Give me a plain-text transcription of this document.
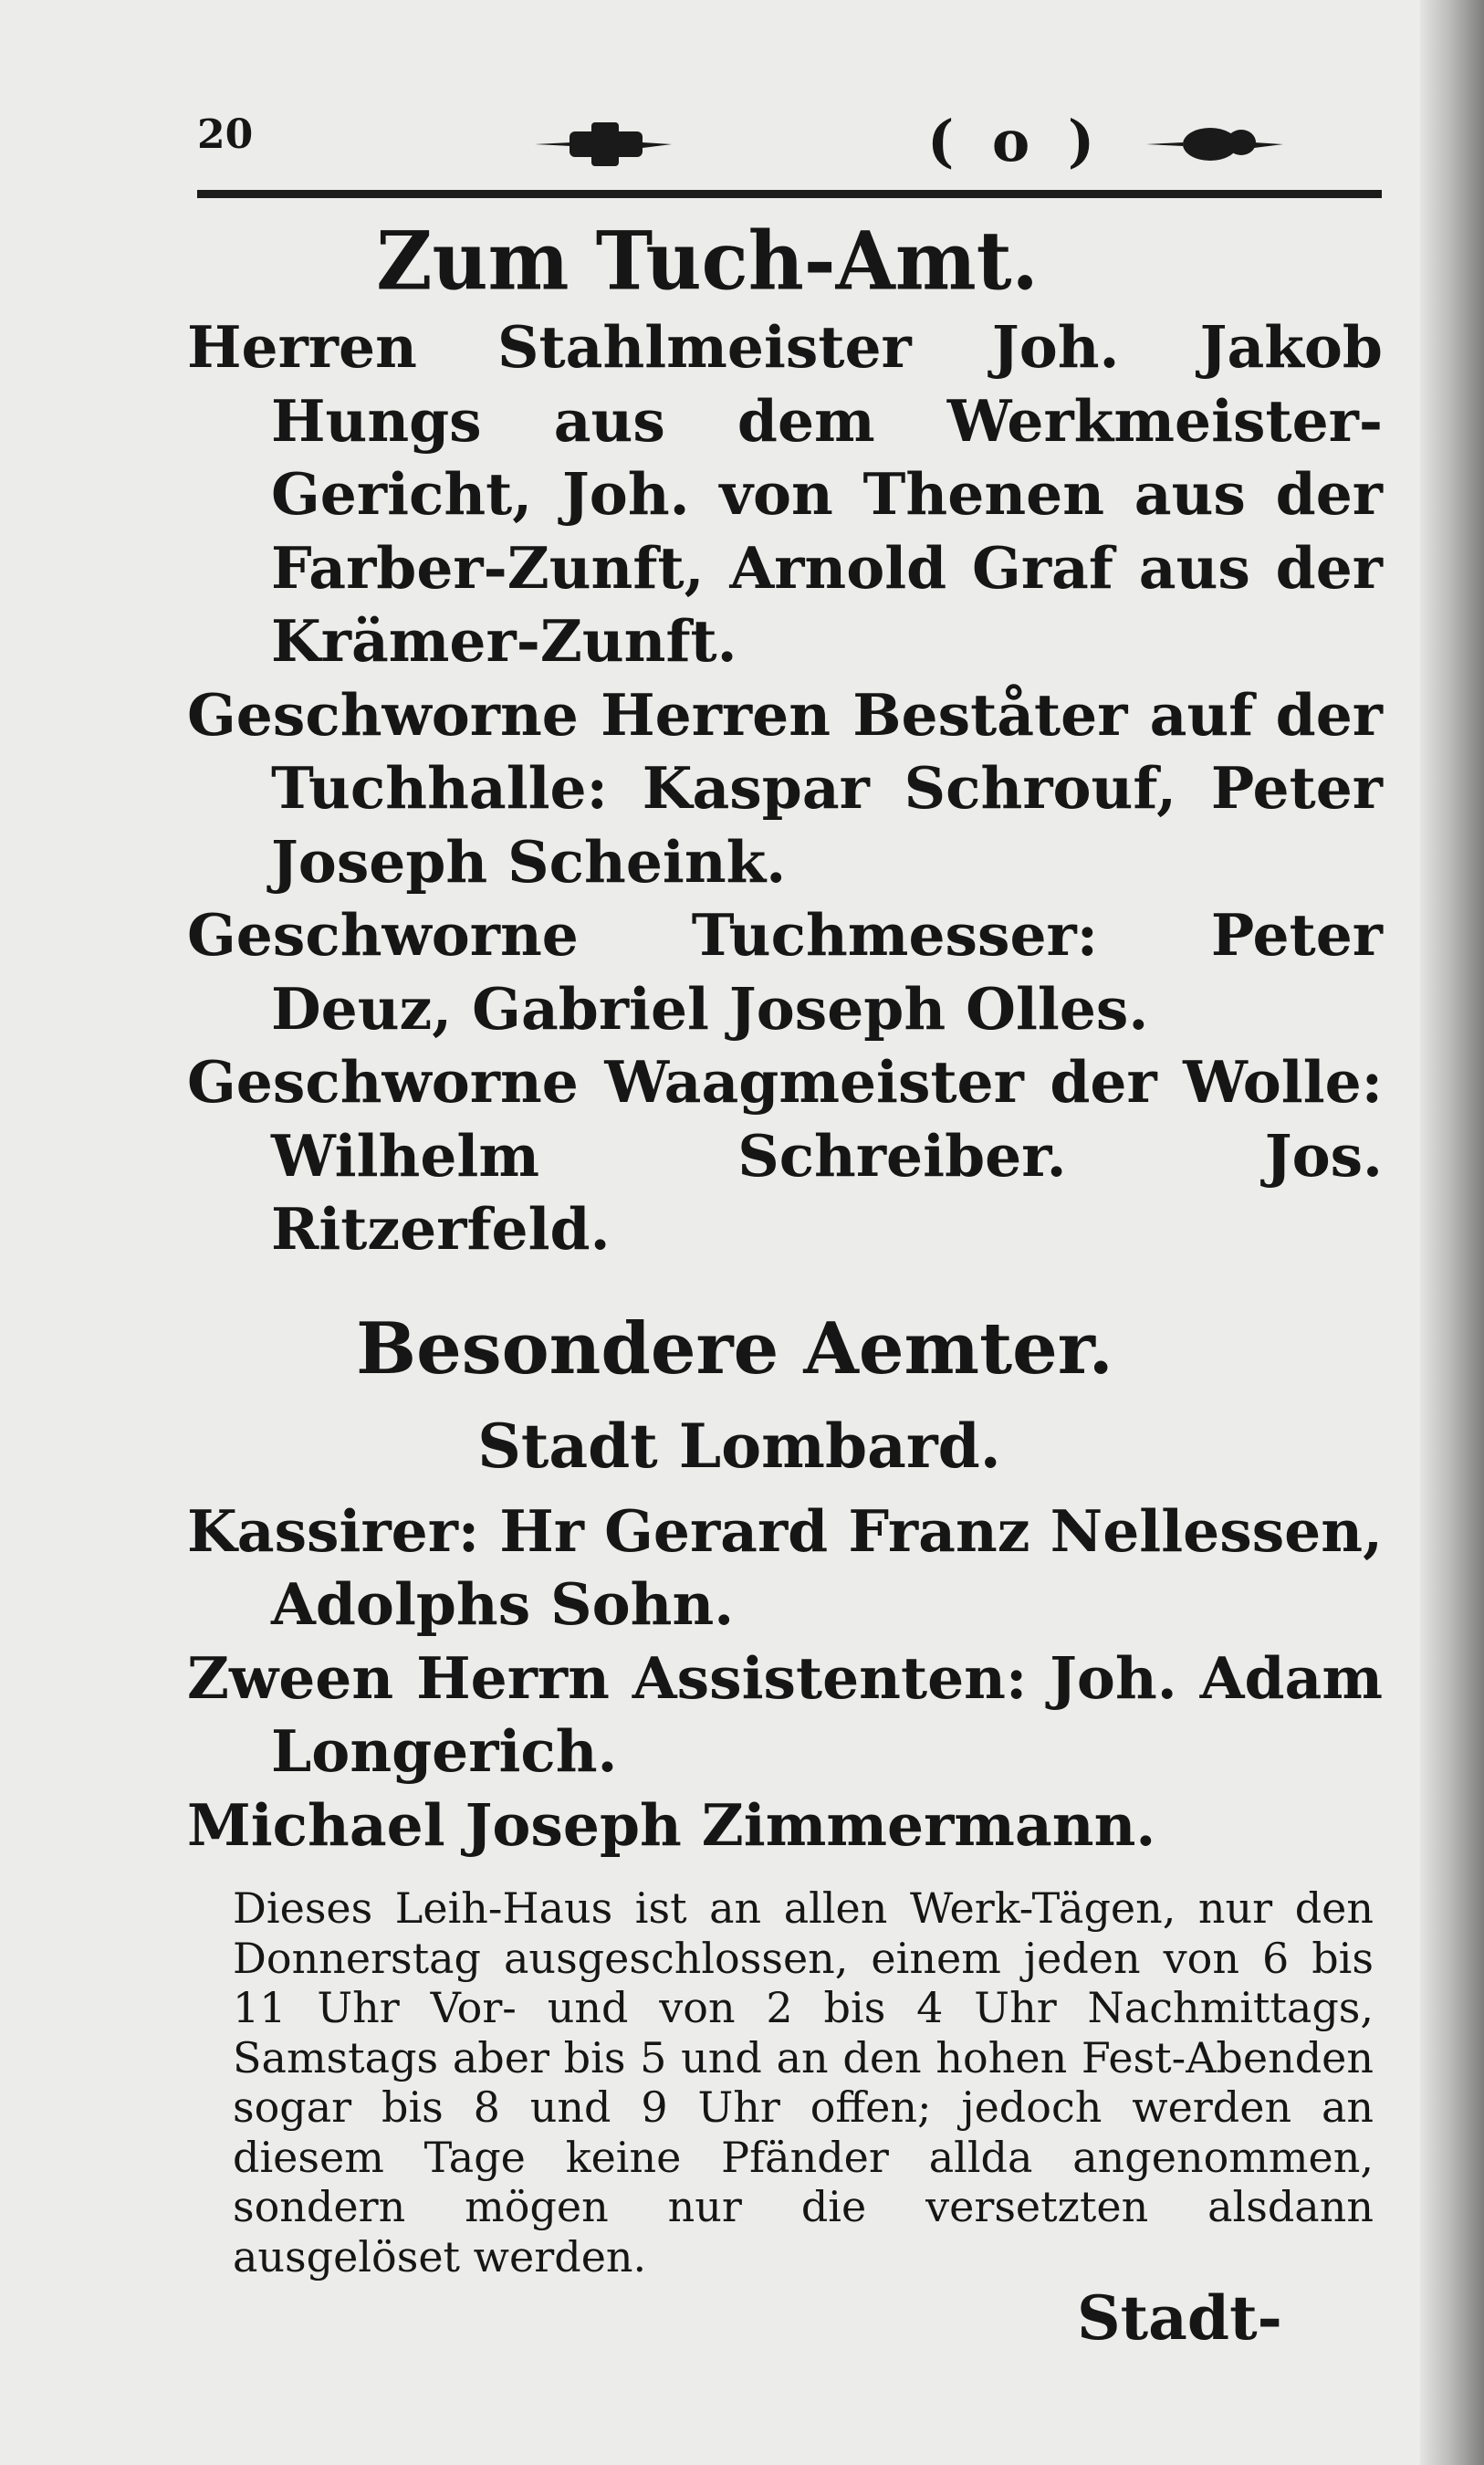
20	( o )
Zum Tuch-Amt.

Herren Stahlmeister Joh. Jakob Hungs aus dem Werkmeister-Gericht, Joh. von Thenen aus der Farber-Zunft, Arnold Graf aus der Krämer-Zunft.

Geschworne Herren Beståter auf der Tuchhalle: Kaspar Schrouf, Peter Joseph Scheink.

Geschworne Tuchmesser: Peter Deuz, Gabriel Joseph Olles.

Geschworne Waagmeister der Wolle: Wilhelm Schreiber. Jos. Ritzerfeld.

Besondere Aemter.
Stadt Lombard.

Kassirer: Hr Gerard Franz Nellessen, Adolphs Sohn.

Zween Herrn Assistenten: Joh. Adam Longerich.

Michael Joseph Zimmermann.

Dieses Leih-Haus ist an allen Werk-Tägen, nur den Donnerstag ausgeschlossen, einem jeden von 6 bis 11 Uhr Vor- und von 2 bis 4 Uhr Nachmittags, Samstags aber bis 5 und an den hohen Fest-Abenden sogar bis 8 und 9 Uhr offen; jedoch werden an diesem Tage keine Pfänder allda angenommen, sondern mögen nur die versetzten alsdann ausgelöset werden.

Stadt-
